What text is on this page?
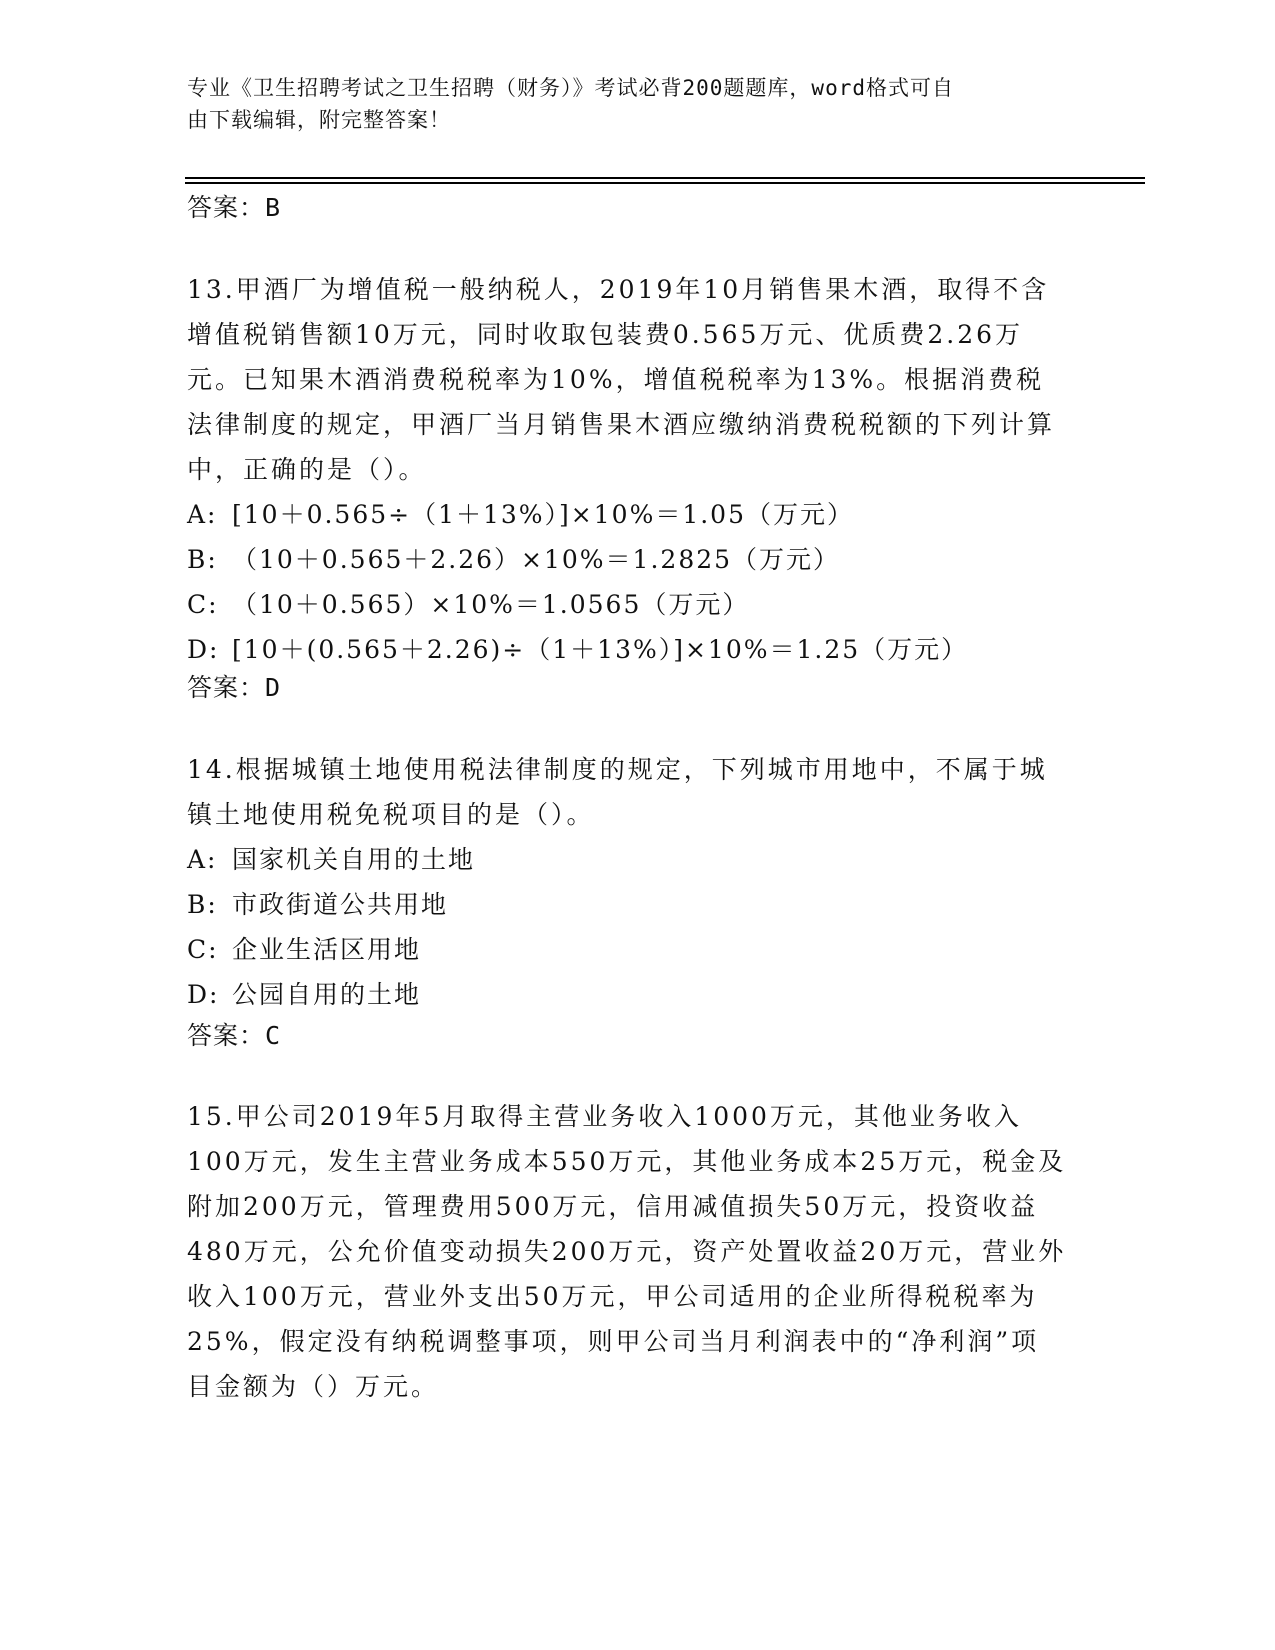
专业《卫生招聘考试之卫生招聘（财务）》考试必背200题题库，word格式可自
由下载编辑，附完整答案！
答案：B

13.甲酒厂为增值税一般纳税人，2019年10月销售果木酒，取得不含增值税销售额10万元，同时收取包装费0.565万元、优质费2.26万元。已知果木酒消费税税率为10%，增值税税率为13%。根据消费税法律制度的规定，甲酒厂当月销售果木酒应缴纳消费税税额的下列计算中，正确的是（）。

A: [10＋0.565÷（1＋13%）]×10%＝1.05（万元）
B: （10＋0.565＋2.26）×10%＝1.2825（万元）
C: （10＋0.565）×10%＝1.0565（万元）
D: [10＋(0.565＋2.26)÷（1＋13%）]×10%＝1.25（万元）
答案：D

14.根据城镇土地使用税法律制度的规定，下列城市用地中，不属于城镇土地使用税免税项目的是（）。

A: 国家机关自用的土地
B: 市政街道公共用地
C: 企业生活区用地
D: 公园自用的土地
答案：C

15.甲公司2019年5月取得主营业务收入1000万元，其他业务收入100万元，发生主营业务成本550万元，其他业务成本25万元，税金及附加200万元，管理费用500万元，信用减值损失50万元，投资收益480万元，公允价值变动损失200万元，资产处置收益20万元，营业外收入100万元，营业外支出50万元，甲公司适用的企业所得税税率为25%，假定没有纳税调整事项，则甲公司当月利润表中的“净利润”项目金额为（）万元。
